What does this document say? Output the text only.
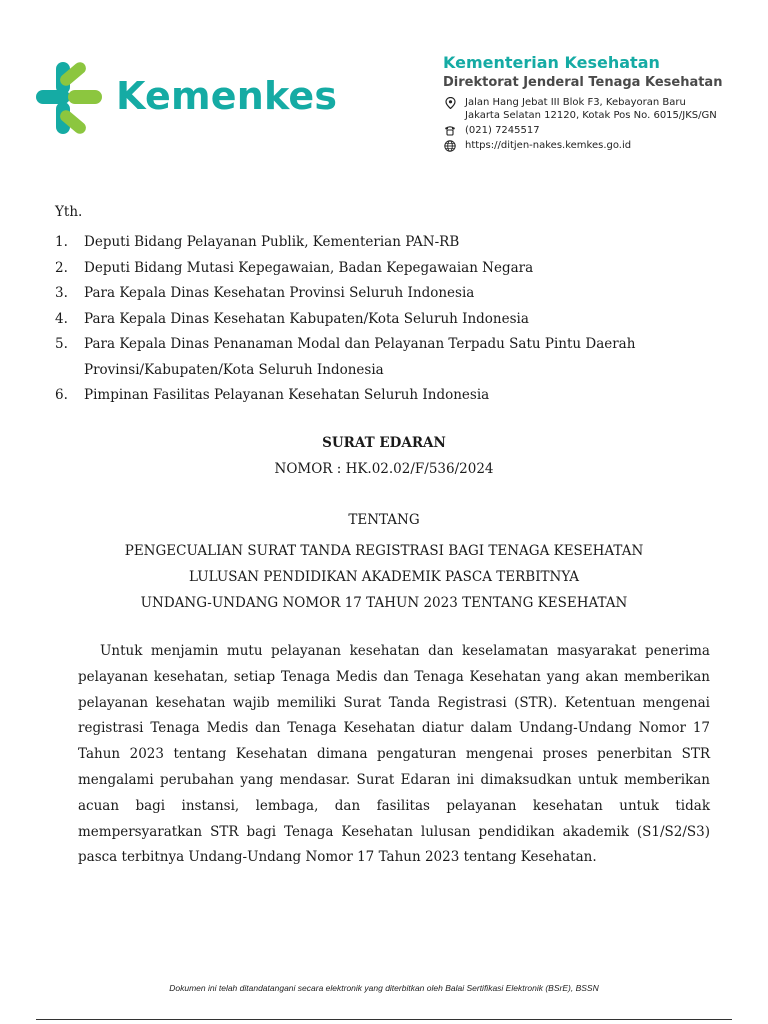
Kemenkes
Kementerian Kesehatan
Direktorat Jenderal Tenaga Kesehatan
Jalan Hang Jebat III Blok F3, Kebayoran Baru
Jakarta Selatan 12120, Kotak Pos No. 6015/JKS/GN
(021) 7245517
https://ditjen-nakes.kemkes.go.id
Yth.
1.	Deputi Bidang Pelayanan Publik, Kementerian PAN-RB
2.	Deputi Bidang Mutasi Kepegawaian, Badan Kepegawaian Negara
3.	Para Kepala Dinas Kesehatan Provinsi Seluruh Indonesia
4.	Para Kepala Dinas Kesehatan Kabupaten/Kota Seluruh Indonesia
5.	Para Kepala Dinas Penanaman Modal dan Pelayanan Terpadu Satu Pintu Daerah
Provinsi/Kabupaten/Kota Seluruh Indonesia
6.	Pimpinan Fasilitas Pelayanan Kesehatan Seluruh Indonesia
SURAT EDARAN
NOMOR : HK.02.02/F/536/2024
TENTANG
PENGECUALIAN SURAT TANDA REGISTRASI BAGI TENAGA KESEHATAN
LULUSAN PENDIDIKAN AKADEMIK PASCA TERBITNYA
UNDANG-UNDANG NOMOR 17 TAHUN 2023 TENTANG KESEHATAN
Untuk menjamin mutu pelayanan kesehatan dan keselamatan masyarakat penerima pelayanan kesehatan, setiap Tenaga Medis dan Tenaga Kesehatan yang akan memberikan pelayanan kesehatan wajib memiliki Surat Tanda Registrasi (STR). Ketentuan mengenai registrasi Tenaga Medis dan Tenaga Kesehatan diatur dalam Undang-Undang Nomor 17 Tahun 2023 tentang Kesehatan dimana pengaturan mengenai proses penerbitan STR mengalami perubahan yang mendasar. Surat Edaran ini dimaksudkan untuk memberikan acuan bagi instansi, lembaga, dan fasilitas pelayanan kesehatan untuk tidak mempersyaratkan STR bagi Tenaga Kesehatan lulusan pendidikan akademik (S1/S2/S3) pasca terbitnya Undang-Undang Nomor 17 Tahun 2023 tentang Kesehatan.
Dokumen ini telah ditandatangani secara elektronik yang diterbitkan oleh Balai Sertifikasi Elektronik (BSrE), BSSN
